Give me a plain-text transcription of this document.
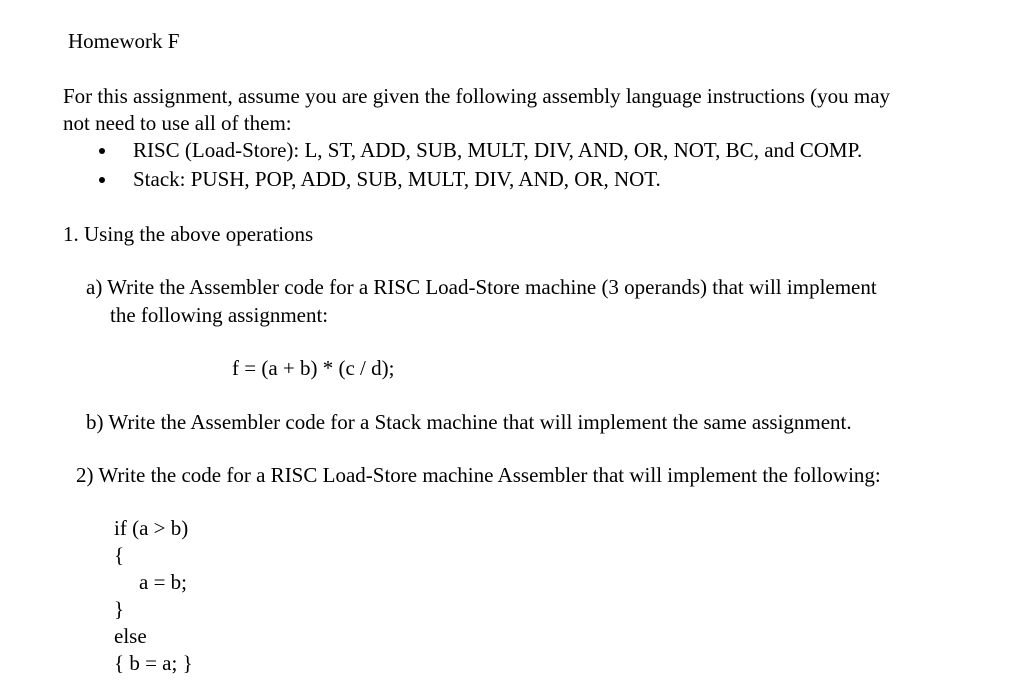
Homework F
For this assignment, assume you are given the following assembly language instructions (you may
not need to use all of them:
RISC (Load-Store): L, ST, ADD, SUB, MULT, DIV, AND, OR, NOT, BC, and COMP.
Stack: PUSH, POP, ADD, SUB, MULT, DIV, AND, OR, NOT.
1. Using the above operations
a) Write the Assembler code for a RISC Load-Store machine (3 operands) that will implement
the following assignment:
f = (a + b) * (c / d);
b) Write the Assembler code for a Stack machine that will implement the same assignment.
2) Write the code for a RISC Load-Store machine Assembler that will implement the following:
if (a > b)
{
a = b;
}
else
{ b = a; }
